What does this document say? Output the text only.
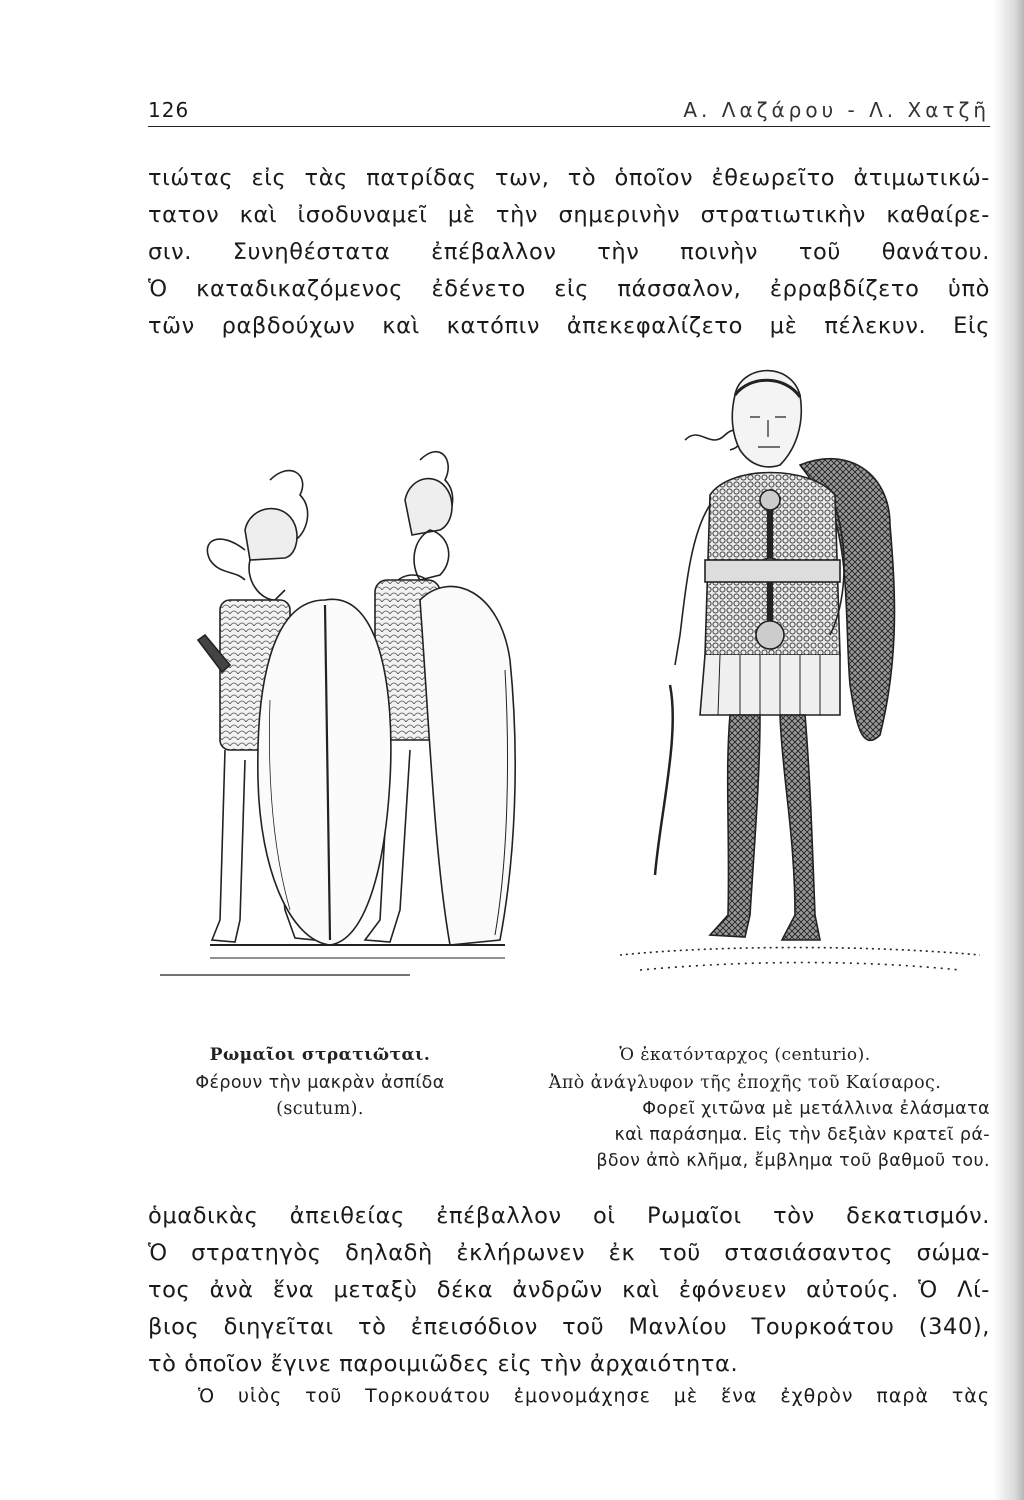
126	Α. Λαζάρου - Λ. Χατζῆ
τιώτας εἰς τὰς πατρίδας των, τὸ ὁποῖον ἐθεωρεῖτο ἀτιμωτικώ-
τατον καὶ ἰσοδυναμεῖ μὲ τὴν σημερινὴν στρατιωτικὴν καθαίρε-
σιν. Συνηθέστατα ἐπέβαλλον τὴν ποινὴν τοῦ θανάτου.
Ὁ καταδικαζόμενος ἐδένετο εἰς πάσσαλον, ἐρραβδίζετο ὑπὸ
τῶν ραβδούχων καὶ κατόπιν ἀπεκεφαλίζετο μὲ πέλεκυν. Εἰς
Ρωμαῖοι στρατιῶται.
Φέρουν τὴν μακρὰν ἀσπίδα
(scutum).
Ὁ ἑκατόνταρχος (centurio).
Ἀπὸ ἀνάγλυφον τῆς ἐποχῆς τοῦ Καίσαρος.
Φορεῖ χιτῶνα μὲ μετάλλινα ἐλάσματα
καὶ παράσημα. Εἰς τὴν δεξιὰν κρατεῖ ρά-
βδον ἀπὸ κλῆμα, ἔμβλημα τοῦ βαθμοῦ του.
ὁμαδικὰς ἀπειθείας ἐπέβαλλον οἱ Ρωμαῖοι τὸν δεκατισμόν.
Ὁ στρατηγὸς δηλαδὴ ἐκλήρωνεν ἐκ τοῦ στασιάσαντος σώμα-
τος ἀνὰ ἕνα μεταξὺ δέκα ἀνδρῶν καὶ ἐφόνευεν αὐτούς. Ὁ Λί-
βιος διηγεῖται τὸ ἐπεισόδιον τοῦ Μανλίου Τουρκοάτου (340),
τὸ ὁποῖον ἔγινε παροιμιῶδες εἰς τὴν ἀρχαιότητα.
Ὁ υἱὸς τοῦ Τορκουάτου ἐμονομάχησε μὲ ἕνα ἐχθρὸν παρὰ τὰς
